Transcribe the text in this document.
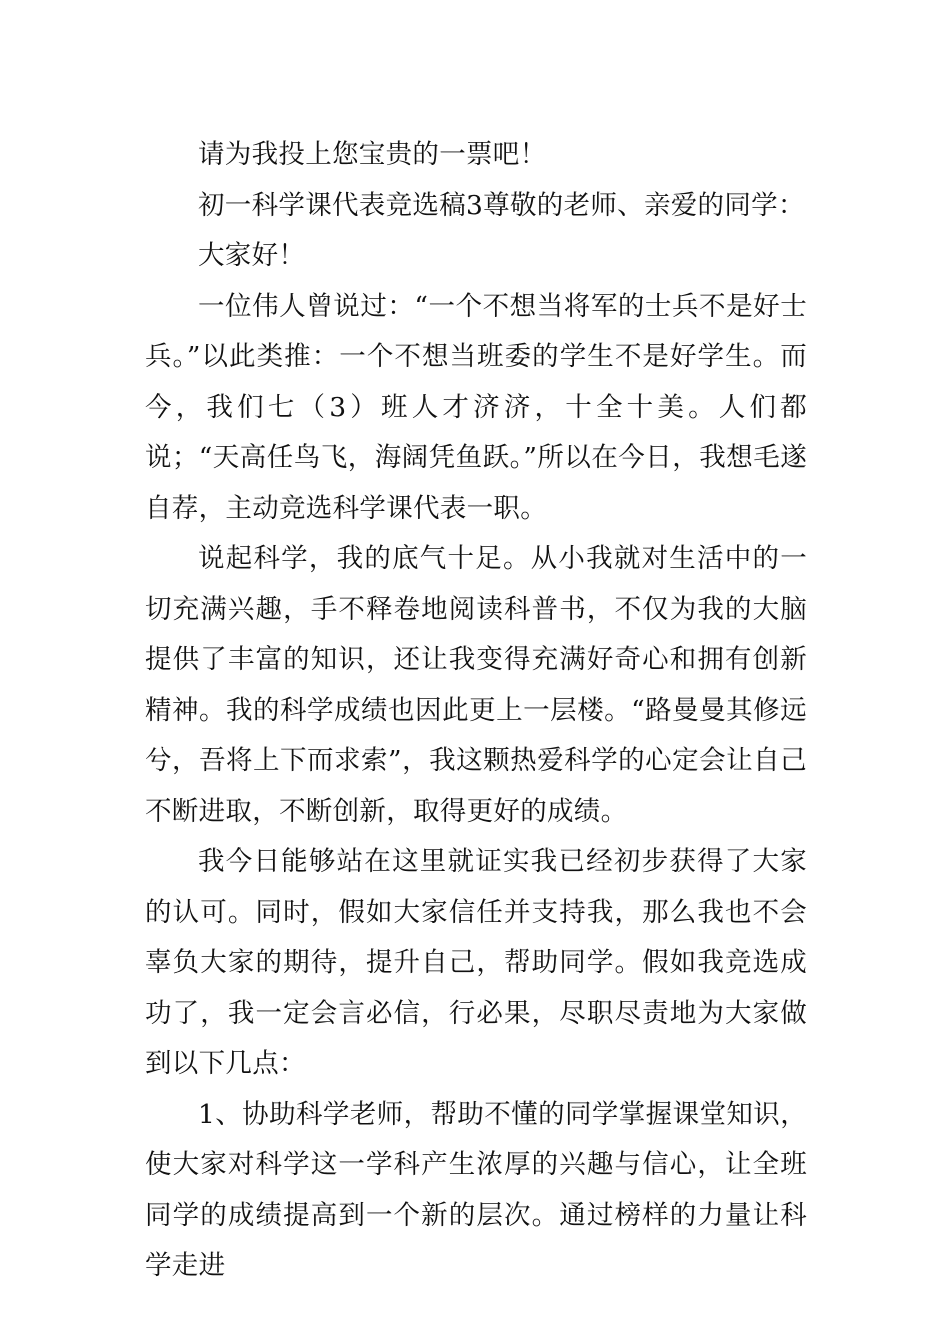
请为我投上您宝贵的一票吧！

初一科学课代表竞选稿3尊敬的老师、亲爱的同学：

大家好！

一位伟人曾说过：“一个不想当将军的士兵不是好士兵。”以此类推：一个不想当班委的学生不是好学生。而今，我们七（3）班人才济济，十全十美。人们都说；“天高任鸟飞，海阔凭鱼跃。”所以在今日，我想毛遂自荐，主动竞选科学课代表一职。

说起科学，我的底气十足。从小我就对生活中的一切充满兴趣，手不释卷地阅读科普书，不仅为我的大脑提供了丰富的知识，还让我变得充满好奇心和拥有创新精神。我的科学成绩也因此更上一层楼。“路曼曼其修远兮，吾将上下而求索”，我这颗热爱科学的心定会让自己不断进取，不断创新，取得更好的成绩。

我今日能够站在这里就证实我已经初步获得了大家的认可。同时，假如大家信任并支持我，那么我也不会辜负大家的期待，提升自己，帮助同学。假如我竞选成功了，我一定会言必信，行必果，尽职尽责地为大家做到以下几点：

1、协助科学老师，帮助不懂的同学掌握课堂知识，使大家对科学这一学科产生浓厚的兴趣与信心，让全班同学的成绩提高到一个新的层次。通过榜样的力量让科学走进
